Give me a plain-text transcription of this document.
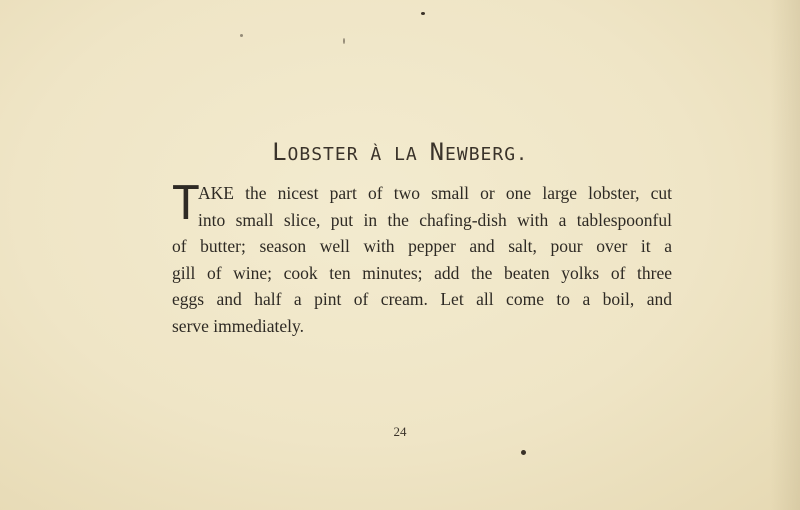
LOBSTER À LA NEWBERG.
T
AKE the nicest part of two small or one large lobster, cut
into small slice, put in the chafing-dish with a tablespoonful
of butter; season well with pepper and salt, pour over it a
gill of wine; cook ten minutes; add the beaten yolks of three
eggs and half a pint of cream. Let all come to a boil, and
serve immediately.
24
